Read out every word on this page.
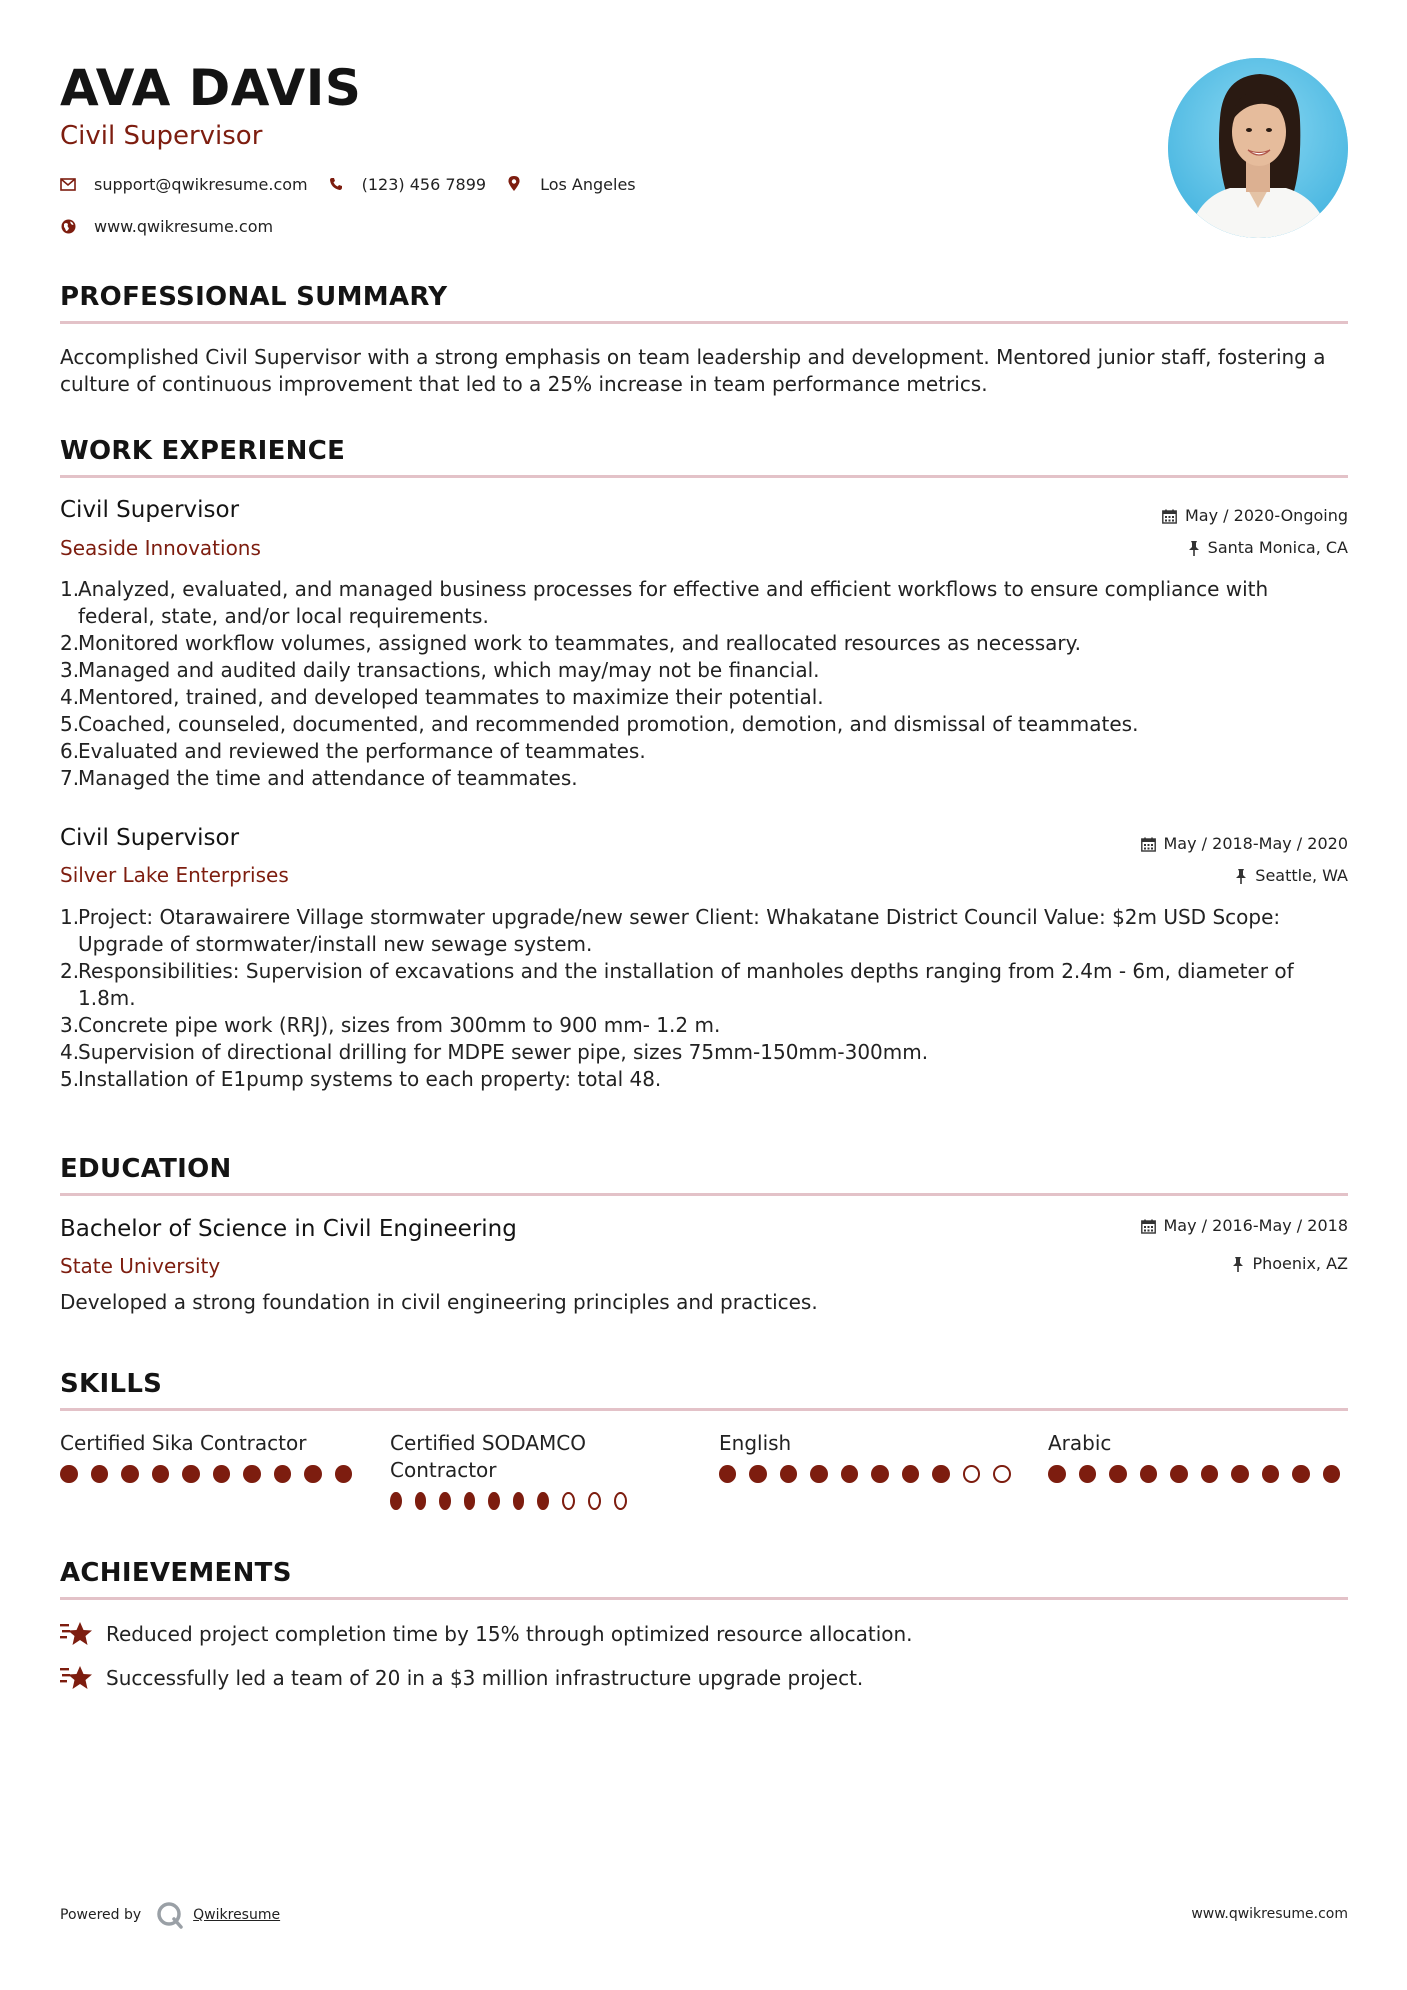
AVA DAVIS
Civil Supervisor
support@qwikresume.com	(123) 456 7899	Los Angeles
www.qwikresume.com
PROFESSIONAL SUMMARY
Accomplished Civil Supervisor with a strong emphasis on team leadership and development. Mentored junior staff, fostering a culture of continuous improvement that led to a 25% increase in team performance metrics.
WORK EXPERIENCE
Civil Supervisor
Seaside Innovations
May / 2020-Ongoing
Santa Monica, CA
1.
Analyzed, evaluated, and managed business processes for effective and efficient workflows to ensure compliance with federal, state, and/or local requirements.
2.
Monitored workflow volumes, assigned work to teammates, and reallocated resources as necessary.
3.
Managed and audited daily transactions, which may/may not be financial.
4.
Mentored, trained, and developed teammates to maximize their potential.
5.
Coached, counseled, documented, and recommended promotion, demotion, and dismissal of teammates.
6.
Evaluated and reviewed the performance of teammates.
7.
Managed the time and attendance of teammates.
Civil Supervisor
Silver Lake Enterprises
May / 2018-May / 2020
Seattle, WA
1.
Project: Otarawairere Village stormwater upgrade/new sewer Client: Whakatane District Council Value: $2m USD Scope: Upgrade of stormwater/install new sewage system.
2.
Responsibilities: Supervision of excavations and the installation of manholes depths ranging from 2.4m - 6m, diameter of 1.8m.
3.
Concrete pipe work (RRJ), sizes from 300mm to 900 mm- 1.2 m.
4.
Supervision of directional drilling for MDPE sewer pipe, sizes 75mm-150mm-300mm.
5.
Installation of E1pump systems to each property: total 48.
EDUCATION
Bachelor of Science in Civil Engineering
State University
May / 2016-May / 2018
Phoenix, AZ
Developed a strong foundation in civil engineering principles and practices.
SKILLS
Certified Sika Contractor	Certified SODAMCO Contractor
English	Arabic
ACHIEVEMENTS
Reduced project completion time by 15% through optimized resource allocation.
Successfully led a team of 20 in a $3 million infrastructure upgrade project.
Powered by	Qwikresume	www.qwikresume.com
